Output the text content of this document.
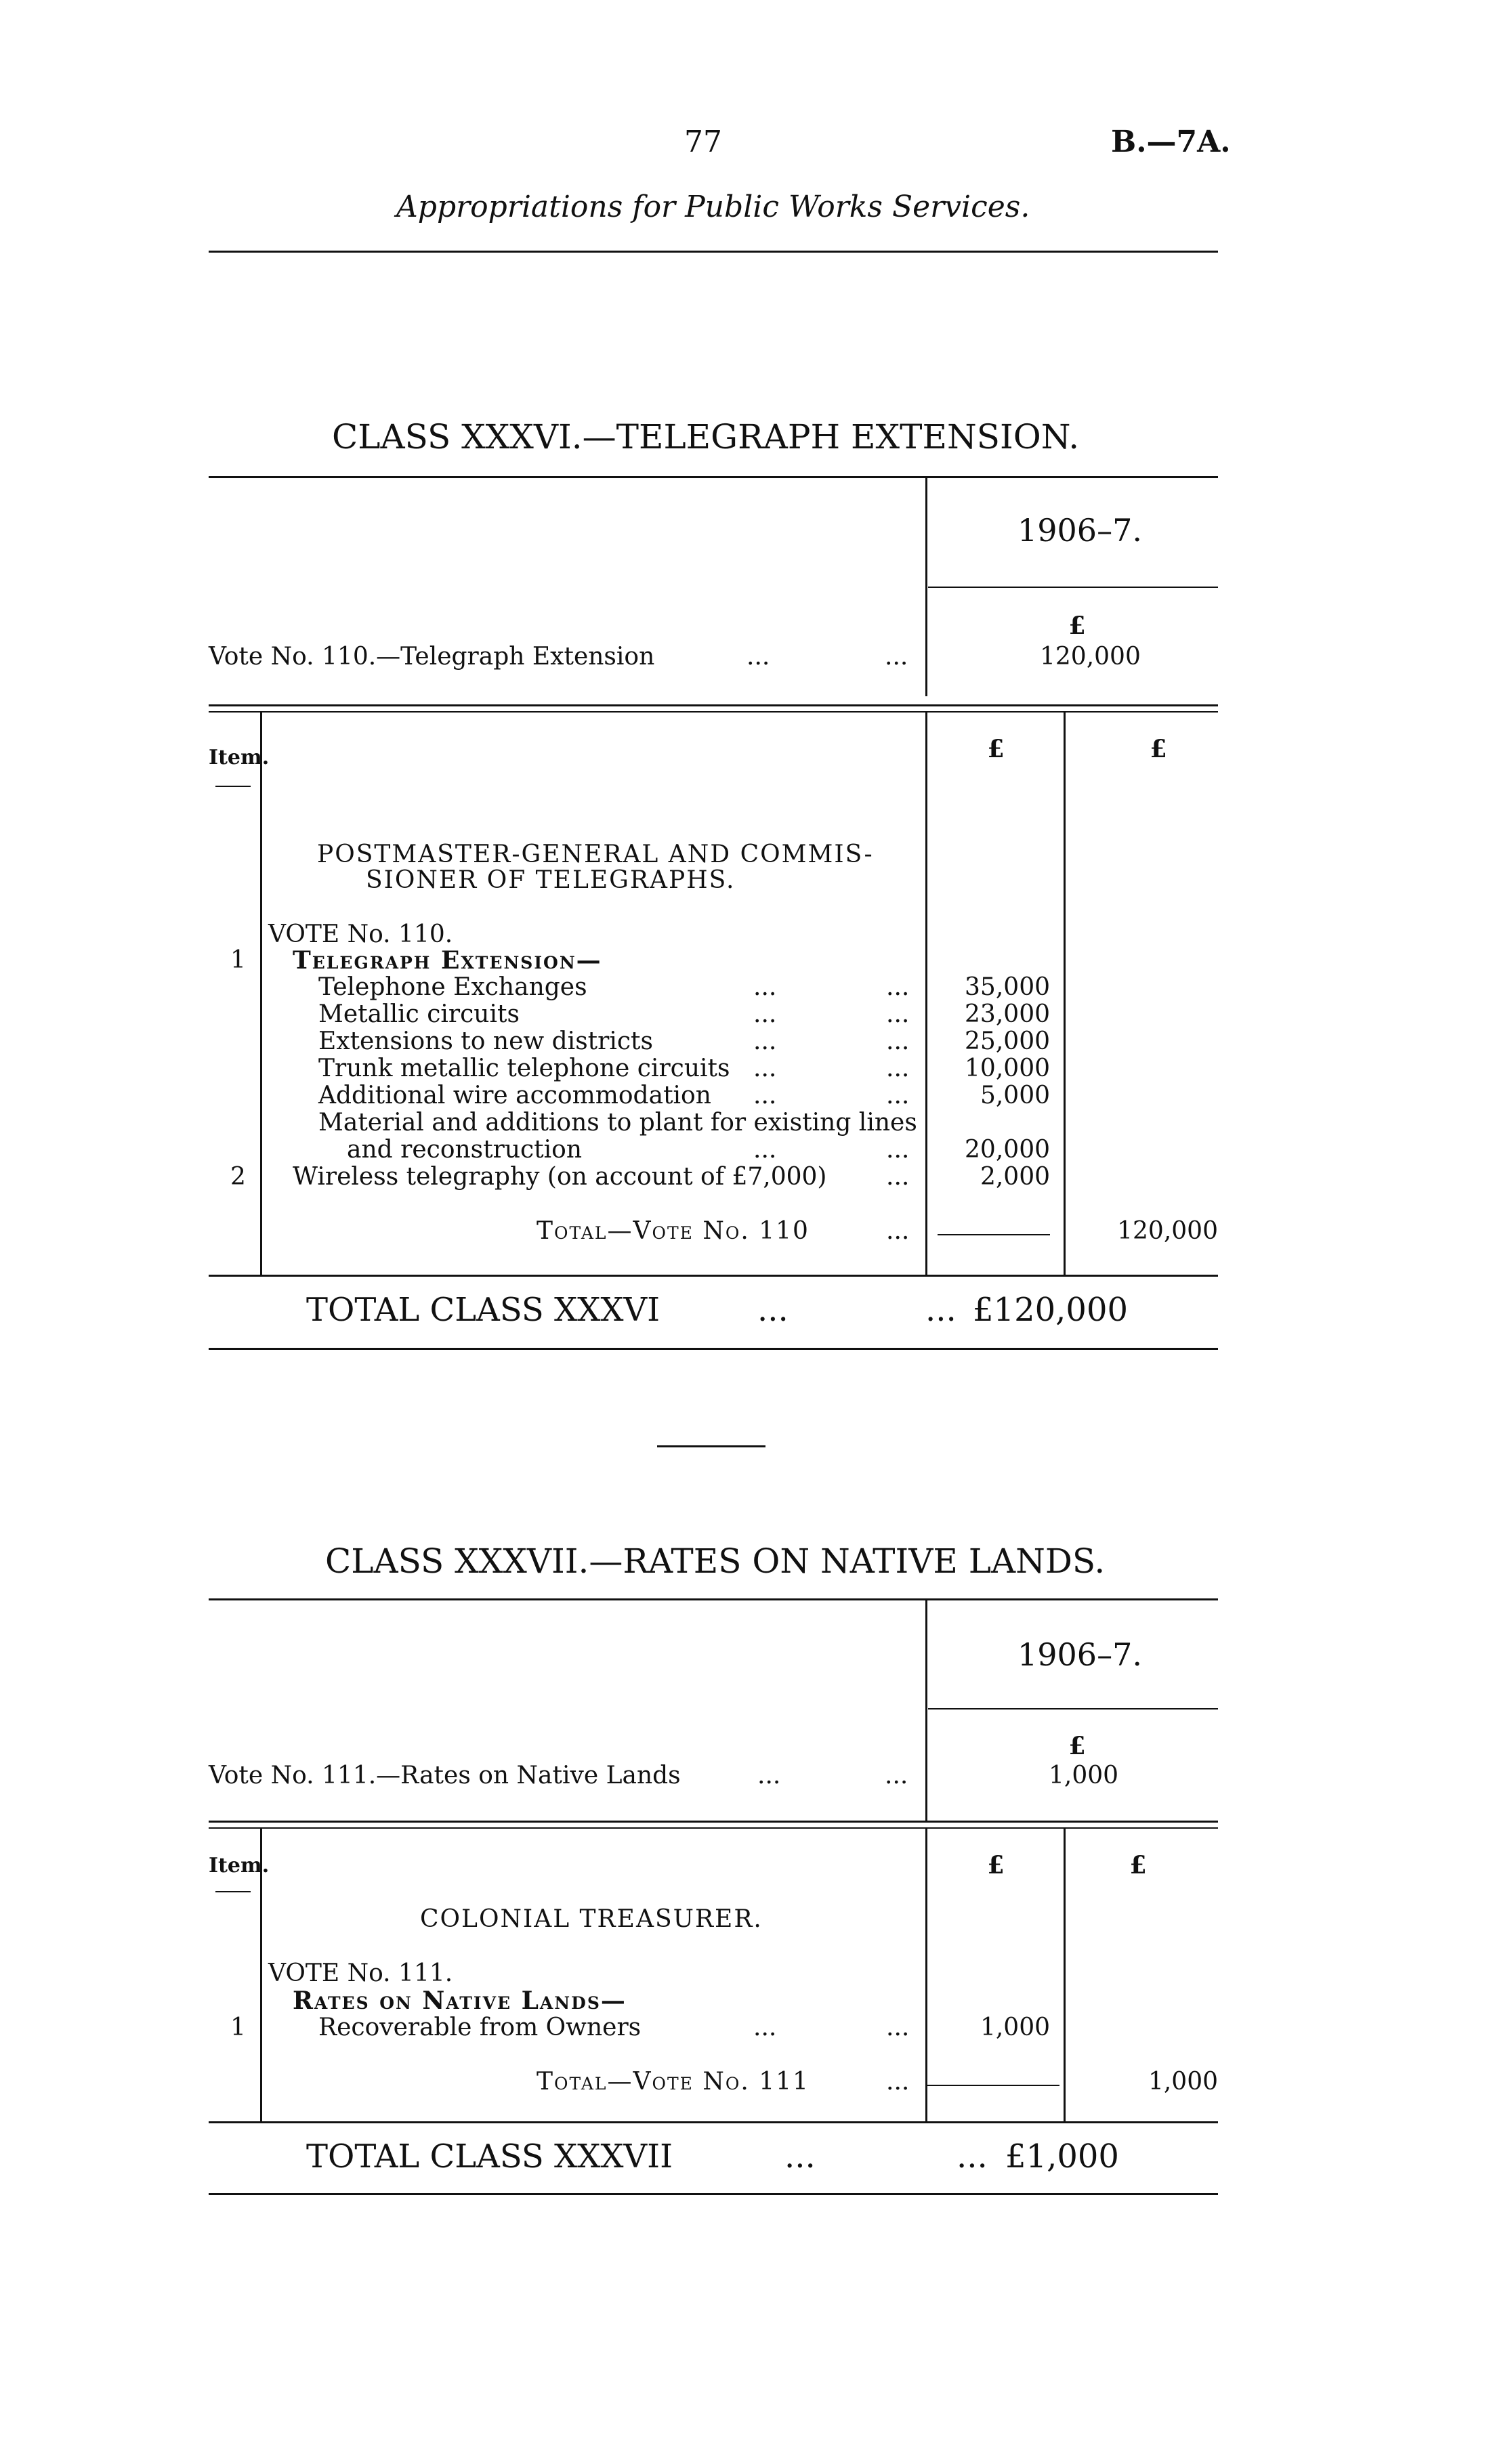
77	B.—7A.
Appropriations for Public Works Services.
CLASS XXXVI.—TELEGRAPH EXTENSION.
1906–7.
£
Vote No. 110.—Telegraph Extension	...	...	120,000
Item.	£	£
POSTMASTER-GENERAL AND COMMIS-
SIONER OF TELEGRAPHS.
VOTE No. 110.
1 Telegraph Extension—
Telephone Exchanges	...	...	35,000
Metallic circuits	...	...	23,000
Extensions to new districts	...	...	25,000
Trunk metallic telephone circuits ...	...	10,000
Additional wire accommodation ...	...	5,000
Material and additions to plant for existing lines
and reconstruction	...	...	20,000
2 Wireless telegraphy (on account of £7,000) ...	2,000
Total—Vote No. 110	...	120,000
TOTAL CLASS XXXVI	...	... £120,000
CLASS XXXVII.—RATES ON NATIVE LANDS.
1906–7.
£
Vote No. 111.—Rates on Native Lands	...	...	1,000
Item.	£	£
COLONIAL TREASURER.
VOTE No. 111.
1
Rates on Native Lands—
Recoverable from Owners	...	...	1,000
Total—Vote No. 111	...	1,000
TOTAL CLASS XXXVII	...	... £1,000
